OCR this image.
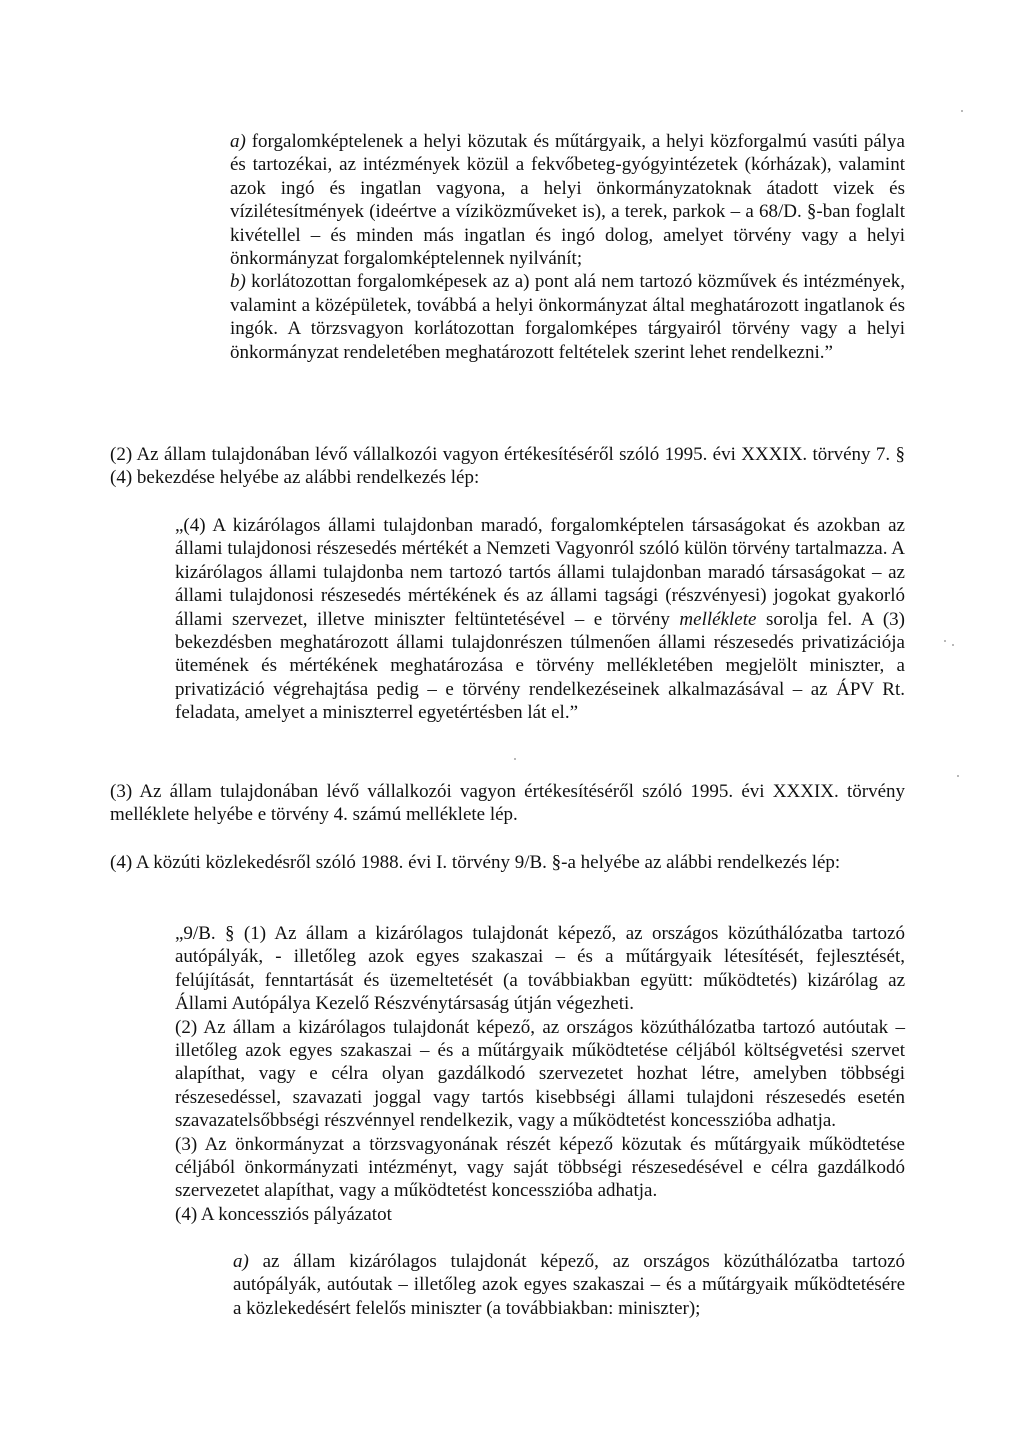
a) forgalomképtelenek a helyi közutak és műtárgyaik, a helyi közforgalmú vasúti pálya és tartozékai, az intézmények közül a fekvőbeteg-gyógyintézetek (kórházak), valamint azok ingó és ingatlan vagyona, a helyi önkormányzatoknak átadott vizek és vízilétesítmények (ideértve a víziközműveket is), a terek, parkok – a 68/D. §-ban foglalt kivétellel – és minden más ingatlan és ingó dolog, amelyet törvény vagy a helyi önkormányzat forgalomképtelennek nyilvánít;

b) korlátozottan forgalomképesek az a) pont alá nem tartozó közművek és intézmények, valamint a középületek, továbbá a helyi önkormányzat által meghatározott ingatlanok és ingók. A törzsvagyon korlátozottan forgalomképes tárgyairól törvény vagy a helyi önkormányzat rendeletében meghatározott feltételek szerint lehet rendelkezni.”

(2) Az állam tulajdonában lévő vállalkozói vagyon értékesítéséről szóló 1995. évi XXXIX. törvény 7. § (4) bekezdése helyébe az alábbi rendelkezés lép:

„(4) A kizárólagos állami tulajdonban maradó, forgalomképtelen társaságokat és azokban az állami tulajdonosi részesedés mértékét a Nemzeti Vagyonról szóló külön törvény tartalmazza. A kizárólagos állami tulajdonba nem tartozó tartós állami tulajdonban maradó társaságokat – az állami tulajdonosi részesedés mértékének és az állami tagsági (részvényesi) jogokat gyakorló állami szervezet, illetve miniszter feltüntetésével – e törvény melléklete sorolja fel. A (3) bekezdésben meghatározott állami tulajdonrészen túlmenően állami részesedés privatizációja ütemének és mértékének meghatározása e törvény mellékletében megjelölt miniszter, a privatizáció végrehajtása pedig – e törvény rendelkezéseinek alkalmazásával – az ÁPV Rt. feladata, amelyet a miniszterrel egyetértésben lát el.”

(3) Az állam tulajdonában lévő vállalkozói vagyon értékesítéséről szóló 1995. évi XXXIX. törvény melléklete helyébe e törvény 4. számú melléklete lép.

(4) A közúti közlekedésről szóló 1988. évi I. törvény 9/B. §-a helyébe az alábbi rendelkezés lép:

„9/B. § (1) Az állam a kizárólagos tulajdonát képező, az országos közúthálózatba tartozó autópályák, - illetőleg azok egyes szakaszai – és a műtárgyaik létesítését, fejlesztését, felújítását, fenntartását és üzemeltetését (a továbbiakban együtt: működtetés) kizárólag az Állami Autópálya Kezelő Részvénytársaság útján végezheti.

(2) Az állam a kizárólagos tulajdonát képező, az országos közúthálózatba tartozó autóutak – illetőleg azok egyes szakaszai – és a műtárgyaik működtetése céljából költségvetési szervet alapíthat, vagy e célra olyan gazdálkodó szervezetet hozhat létre, amelyben többségi részesedéssel, szavazati joggal vagy tartós kisebbségi állami tulajdoni részesedés esetén szavazatelsőbbségi részvénnyel rendelkezik, vagy a működtetést koncesszióba adhatja.

(3) Az önkormányzat a törzsvagyonának részét képező közutak és műtárgyaik működtetése céljából önkormányzati intézményt, vagy saját többségi részesedésével e célra gazdálkodó szervezetet alapíthat, vagy a működtetést koncesszióba adhatja.

(4) A koncessziós pályázatot

a) az állam kizárólagos tulajdonát képező, az országos közúthálózatba tartozó autópályák, autóutak – illetőleg azok egyes szakaszai – és a műtárgyaik működtetésére a közlekedésért felelős miniszter (a továbbiakban: miniszter);
